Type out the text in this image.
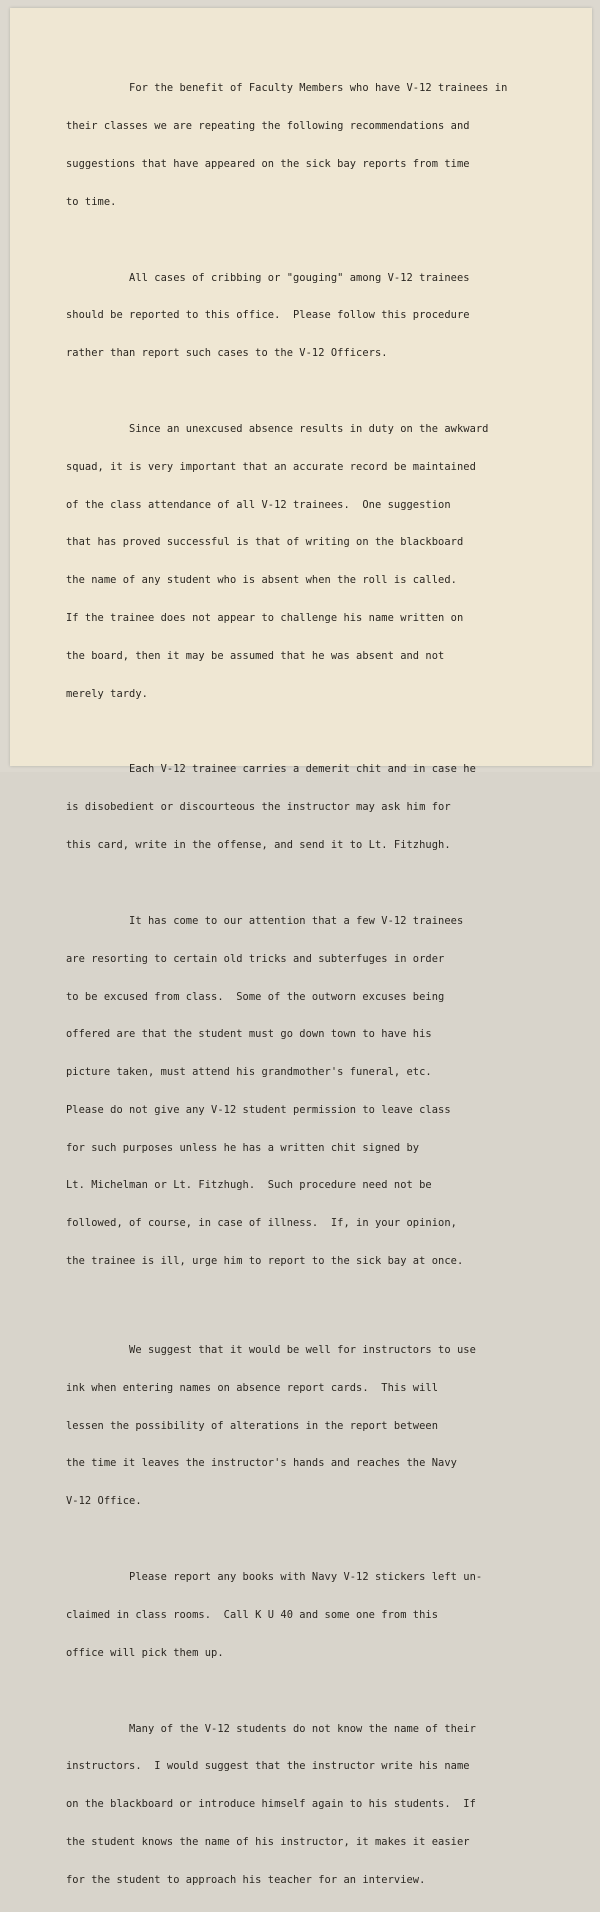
For the benefit of Faculty Members who have V-12 trainees in

their classes we are repeating the following recommendations and

suggestions that have appeared on the sick bay reports from time

to time.

All cases of cribbing or "gouging" among V-12 trainees

should be reported to this office.  Please follow this procedure

rather than report such cases to the V-12 Officers.

Since an unexcused absence results in duty on the awkward

squad, it is very important that an accurate record be maintained

of the class attendance of all V-12 trainees.  One suggestion

that has proved successful is that of writing on the blackboard

the name of any student who is absent when the roll is called.

If the trainee does not appear to challenge his name written on

the board, then it may be assumed that he was absent and not

merely tardy.

Each V-12 trainee carries a demerit chit and in case he

is disobedient or discourteous the instructor may ask him for

this card, write in the offense, and send it to Lt. Fitzhugh.

It has come to our attention that a few V-12 trainees

are resorting to certain old tricks and subterfuges in order

to be excused from class.  Some of the outworn excuses being

offered are that the student must go down town to have his

picture taken, must attend his grandmother's funeral, etc.

Please do not give any V-12 student permission to leave class

for such purposes unless he has a written chit signed by

Lt. Michelman or Lt. Fitzhugh.  Such procedure need not be

followed, of course, in case of illness.  If, in your opinion,

the trainee is ill, urge him to report to the sick bay at once.

We suggest that it would be well for instructors to use

ink when entering names on absence report cards.  This will

lessen the possibility of alterations in the report between

the time it leaves the instructor's hands and reaches the Navy

V-12 Office.

Please report any books with Navy V-12 stickers left un-

claimed in class rooms.  Call K U 40 and some one from this

office will pick them up.

Many of the V-12 students do not know the name of their

instructors.  I would suggest that the instructor write his name

on the blackboard or introduce himself again to his students.  If

the student knows the name of his instructor, it makes it easier

for the student to approach his teacher for an interview.
